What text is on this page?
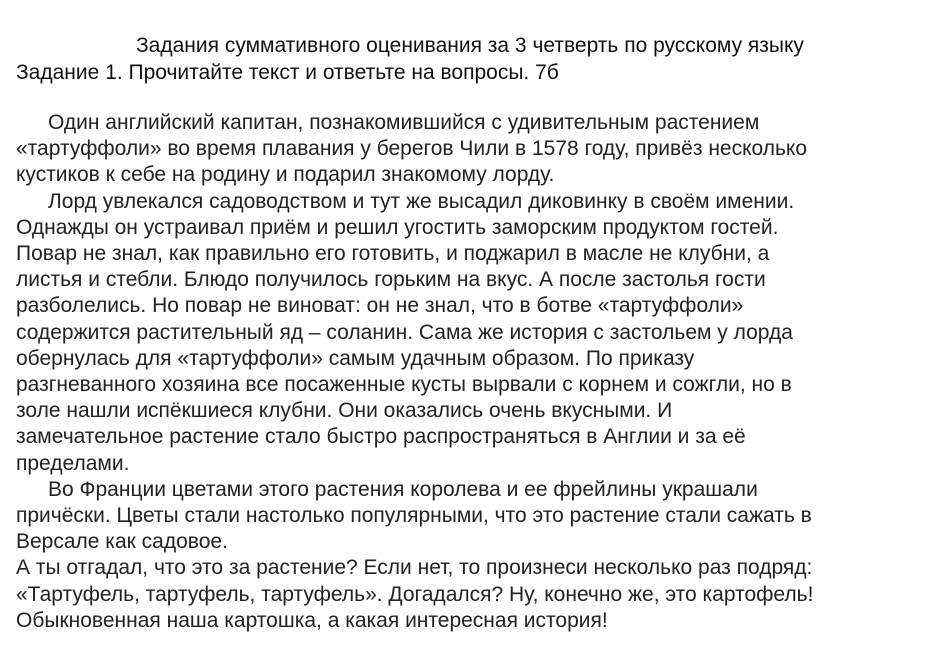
Задания суммативного оценивания за 3 четверть по русскому языку
Задание 1. Прочитайте текст и ответьте на вопросы. 7б
Один английский капитан, познакомившийся с удивительным растением
«тартуффоли» во время плавания у берегов Чили в 1578 году, привёз несколько
кустиков к себе на родину и подарил знакомому лорду.
Лорд увлекался садоводством и тут же высадил диковинку в своём имении.
Однажды он устраивал приём и решил угостить заморским продуктом гостей.
Повар не знал, как правильно его готовить, и поджарил в масле не клубни, а
листья и стебли. Блюдо получилось горьким на вкус. А после застолья гости
разболелись. Но повар не виноват: он не знал, что в ботве «тартуффоли»
содержится растительный яд – соланин. Сама же история с застольем у лорда
обернулась для «тартуффоли» самым удачным образом. По приказу
разгневанного хозяина все посаженные кусты вырвали с корнем и сожгли, но в
золе нашли испёкшиеся клубни. Они оказались очень вкусными. И
замечательное растение стало быстро распространяться в Англии и за её
пределами.
Во Франции цветами этого растения королева и ее фрейлины украшали
причёски. Цветы стали настолько популярными, что это растение стали сажать в
Версале как садовое.
А ты отгадал, что это за растение? Если нет, то произнеси несколько раз подряд:
«Тартуфель, тартуфель, тартуфель». Догадался? Ну, конечно же, это картофель!
Обыкновенная наша картошка, а какая интересная история!
